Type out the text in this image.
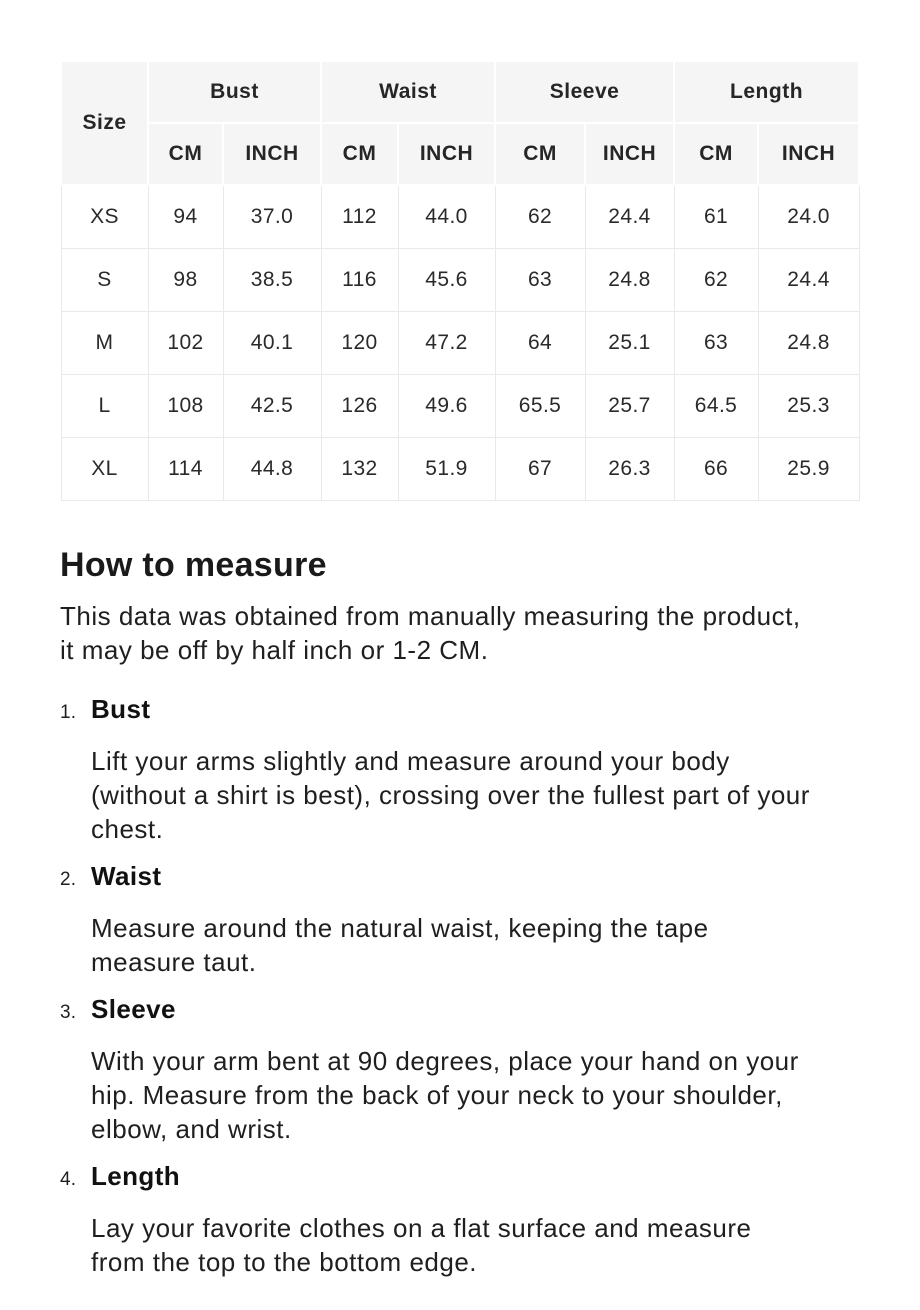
Size	Bust		Waist		Sleeve		Length	
	CM	INCH	CM	INCH	CM	INCH	CM	INCH
XS	94	37.0	112	44.0	62	24.4	61	24.0
S	98	38.5	116	45.6	63	24.8	62	24.4
M	102	40.1	120	47.2	64	25.1	63	24.8
L	108	42.5	126	49.6	65.5	25.7	64.5	25.3
XL	114	44.8	132	51.9	67	26.3	66	25.9
How to measure
This data was obtained from manually measuring the product,
it may be off by half inch or 1-2 CM.
1. Bust
Lift your arms slightly and measure around your body
(without a shirt is best), crossing over the fullest part of your
chest.
2. Waist
Measure around the natural waist, keeping the tape
measure taut.
3. Sleeve
With your arm bent at 90 degrees, place your hand on your
hip. Measure from the back of your neck to your shoulder,
elbow, and wrist.
4. Length
Lay your favorite clothes on a flat surface and measure
from the top to the bottom edge.
